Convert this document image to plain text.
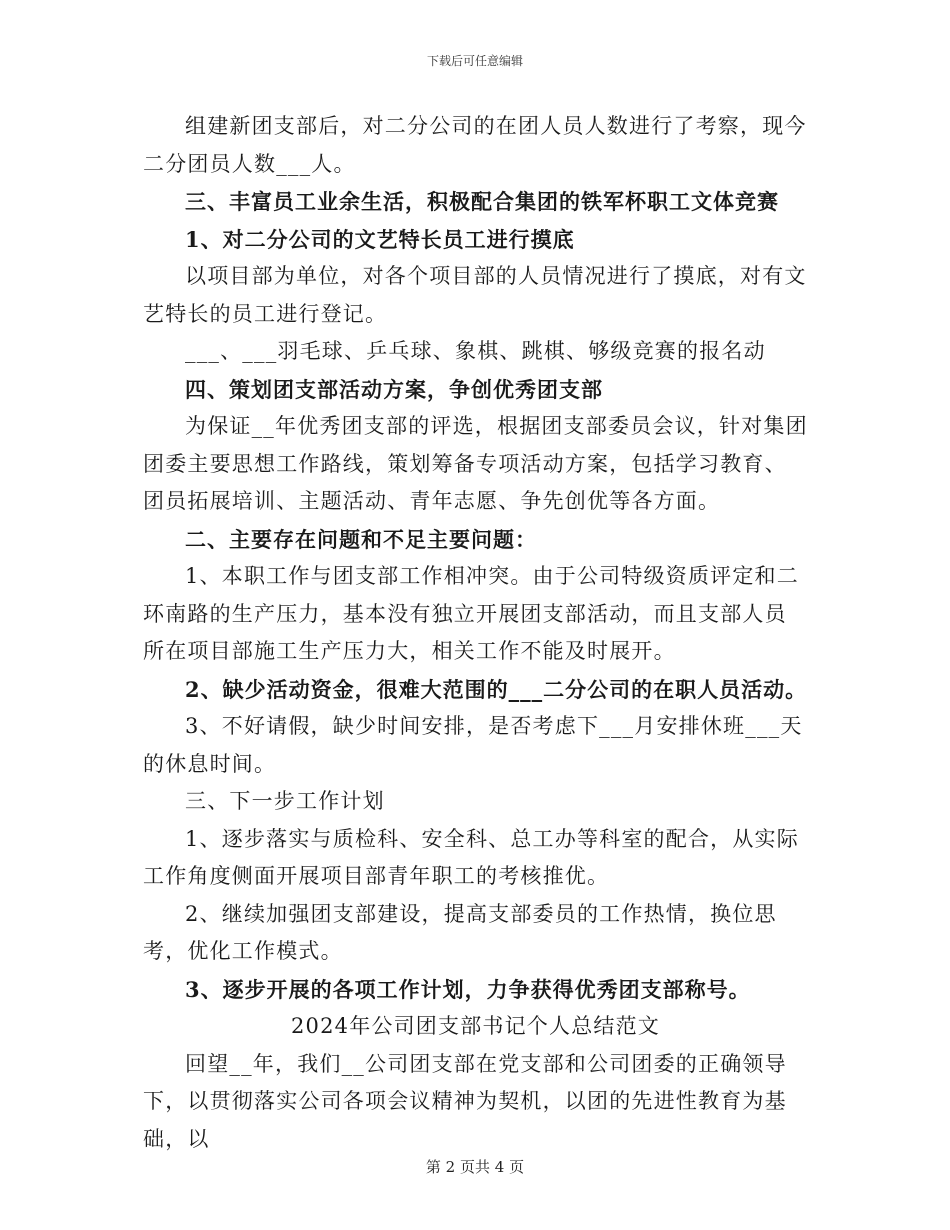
下载后可任意编辑

组建新团支部后，对二分公司的在团人员人数进行了考察，现今二分团员人数___人。

三、丰富员工业余生活，积极配合集团的铁军杯职工文体竞赛

1、对二分公司的文艺特长员工进行摸底

以项目部为单位，对各个项目部的人员情况进行了摸底，对有文艺特长的员工进行登记。

___、___羽毛球、乒乓球、象棋、跳棋、够级竞赛的报名动

四、策划团支部活动方案，争创优秀团支部

为保证__年优秀团支部的评选，根据团支部委员会议，针对集团团委主要思想工作路线，策划筹备专项活动方案，包括学习教育、团员拓展培训、主题活动、青年志愿、争先创优等各方面。

二、主要存在问题和不足主要问题：

1、本职工作与团支部工作相冲突。由于公司特级资质评定和二环南路的生产压力，基本没有独立开展团支部活动，而且支部人员所在项目部施工生产压力大，相关工作不能及时展开。

2、缺少活动资金，很难大范围的___二分公司的在职人员活动。

3、不好请假，缺少时间安排，是否考虑下___月安排休班___天的休息时间。

三、下一步工作计划

1、逐步落实与质检科、安全科、总工办等科室的配合，从实际工作角度侧面开展项目部青年职工的考核推优。

2、继续加强团支部建设，提高支部委员的工作热情，换位思考，优化工作模式。

3、逐步开展的各项工作计划，力争获得优秀团支部称号。

2024年公司团支部书记个人总结范文

回望__年，我们__公司团支部在党支部和公司团委的正确领导下，以贯彻落实公司各项会议精神为契机，以团的先进性教育为基础，以

第 2 页共 4 页
